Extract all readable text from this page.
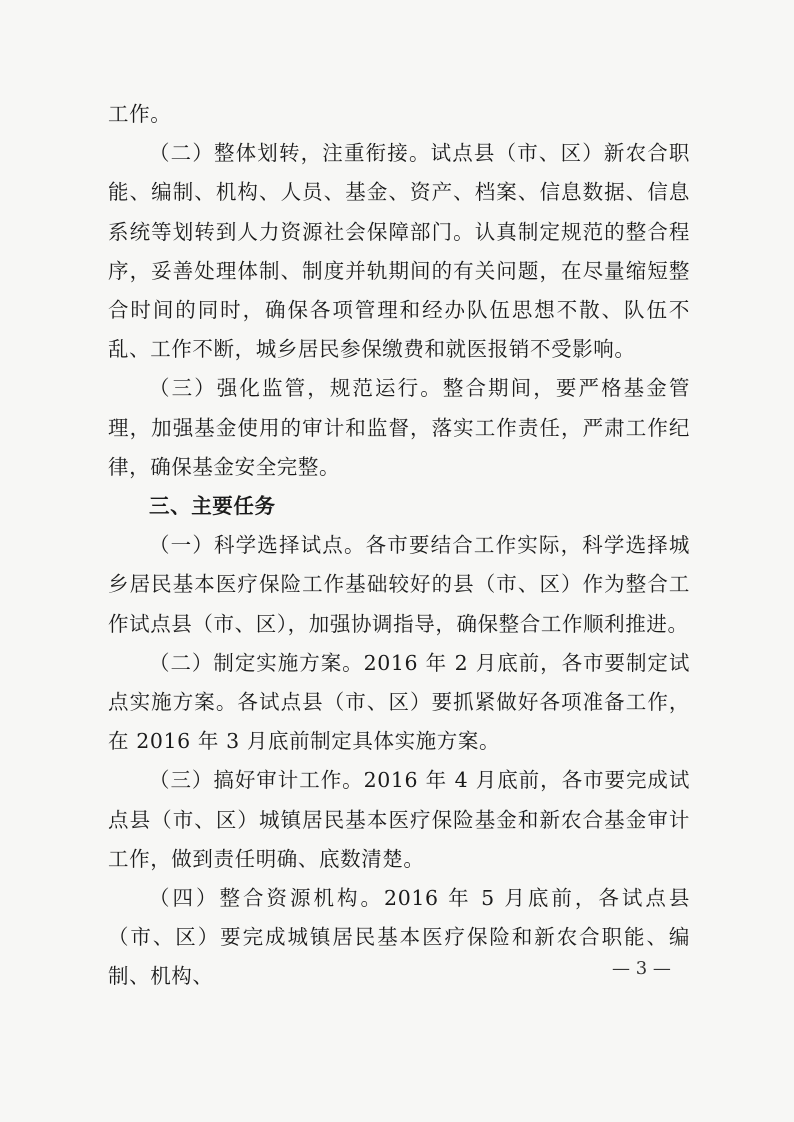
工作。

（二）整体划转，注重衔接。试点县（市、区）新农合职能、编制、机构、人员、基金、资产、档案、信息数据、信息系统等划转到人力资源社会保障部门。认真制定规范的整合程序，妥善处理体制、制度并轨期间的有关问题，在尽量缩短整合时间的同时，确保各项管理和经办队伍思想不散、队伍不乱、工作不断，城乡居民参保缴费和就医报销不受影响。

（三）强化监管，规范运行。整合期间，要严格基金管理，加强基金使用的审计和监督，落实工作责任，严肃工作纪律，确保基金安全完整。

三、主要任务

（一）科学选择试点。各市要结合工作实际，科学选择城乡居民基本医疗保险工作基础较好的县（市、区）作为整合工作试点县（市、区），加强协调指导，确保整合工作顺利推进。

（二）制定实施方案。2016 年 2 月底前，各市要制定试点实施方案。各试点县（市、区）要抓紧做好各项准备工作，在 2016 年 3 月底前制定具体实施方案。

（三）搞好审计工作。2016 年 4 月底前，各市要完成试点县（市、区）城镇居民基本医疗保险基金和新农合基金审计工作，做到责任明确、底数清楚。

（四）整合资源机构。2016 年 5 月底前，各试点县（市、区）要完成城镇居民基本医疗保险和新农合职能、编制、机构、	— 3 —
